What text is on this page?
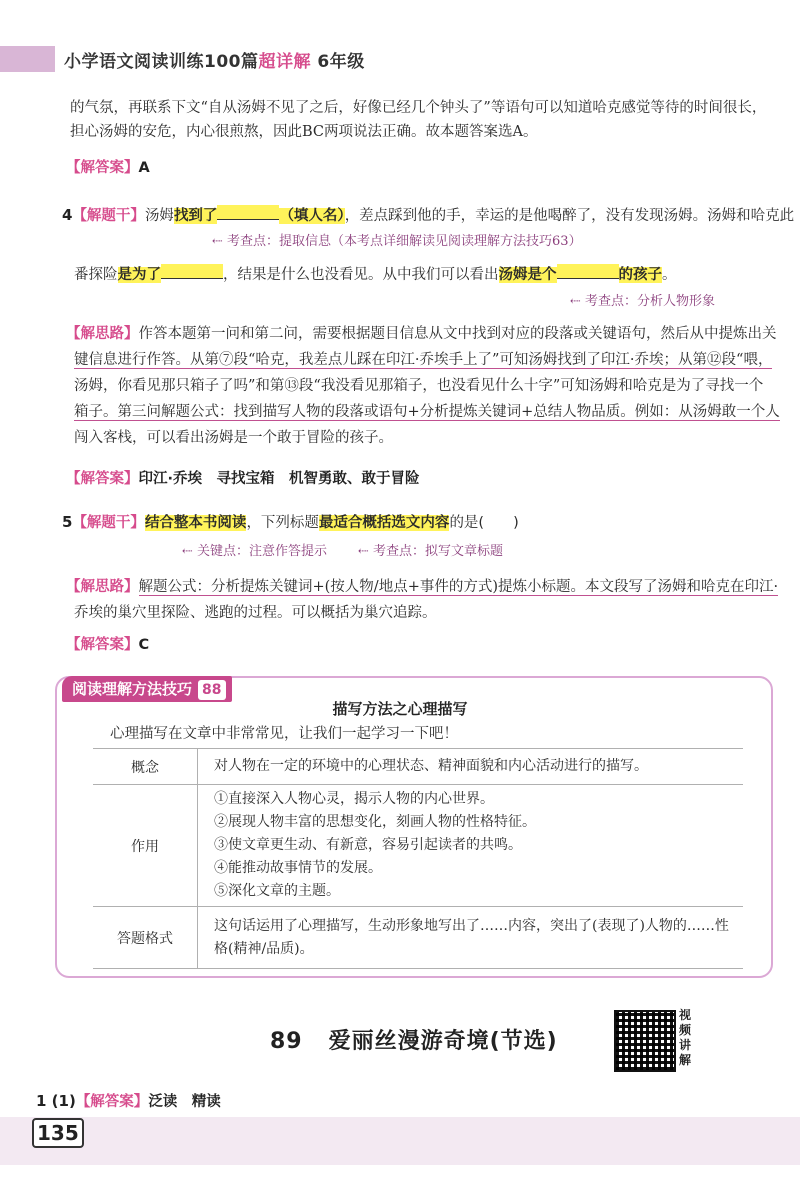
小学语文阅读训练100篇超详解 6年级
的气氛，再联系下文“自从汤姆不见了之后，好像已经几个钟头了”等语句可以知道哈克感觉等待的时间很长，
担心汤姆的安危，内心很煎熬，因此BC两项说法正确。故本题答案选A。
【解答案】A
4【解题干】汤姆找到了	（填人名），差点踩到他的手，幸运的是他喝醉了，没有发现汤姆。汤姆和哈克此
⇠ 考查点：提取信息（本考点详细解读见阅读理解方法技巧63）
番探险是为了	，结果是什么也没看见。从中我们可以看出汤姆是个	的孩子。
⇠ 考查点：分析人物形象
【解思路】作答本题第一问和第二问，需要根据题目信息从文中找到对应的段落或关键语句，然后从中提炼出关
键信息进行作答。从第⑦段“哈克，我差点儿踩在印江·乔埃手上了”可知汤姆找到了印江·乔埃；从第⑫段“喂，
汤姆，你看见那只箱子了吗”和第⑬段“我没看见那箱子，也没看见什么十字”可知汤姆和哈克是为了寻找一个
箱子。第三问解题公式：找到描写人物的段落或语句+分析提炼关键词+总结人物品质。例如：从汤姆敢一个人
闯入客栈，可以看出汤姆是一个敢于冒险的孩子。
【解答案】印江·乔埃　寻找宝箱　机智勇敢、敢于冒险
5【解题干】结合整本书阅读，下列标题最适合概括选文内容的是(　　)
⇠ 关键点：注意作答提示 ⇠ 考查点：拟写文章标题
【解思路】解题公式：分析提炼关键词+(按人物/地点+事件的方式)提炼小标题。本文段写了汤姆和哈克在印江·
乔埃的巢穴里探险、逃跑的过程。可以概括为巢穴追踪。
【解答案】C
阅读理解方法技巧 88
描写方法之心理描写
心理描写在文章中非常常见，让我们一起学习一下吧！
概念	对人物在一定的环境中的心理状态、精神面貌和内心活动进行的描写。

作用	①直接深入人物心灵，揭示人物的内心世界。
②展现人物丰富的思想变化，刻画人物的性格特征。
③使文章更生动、有新意，容易引起读者的共鸣。
④能推动故事情节的发展。
⑤深化文章的主题。

答题格式	这句话运用了心理描写，生动形象地写出了……内容，突出了(表现了)人物的……性
格(精神/品质)。
89 爱丽丝漫游奇境(节选)
视
频
讲
解
1 (1)【解答案】泛读　精读
135
